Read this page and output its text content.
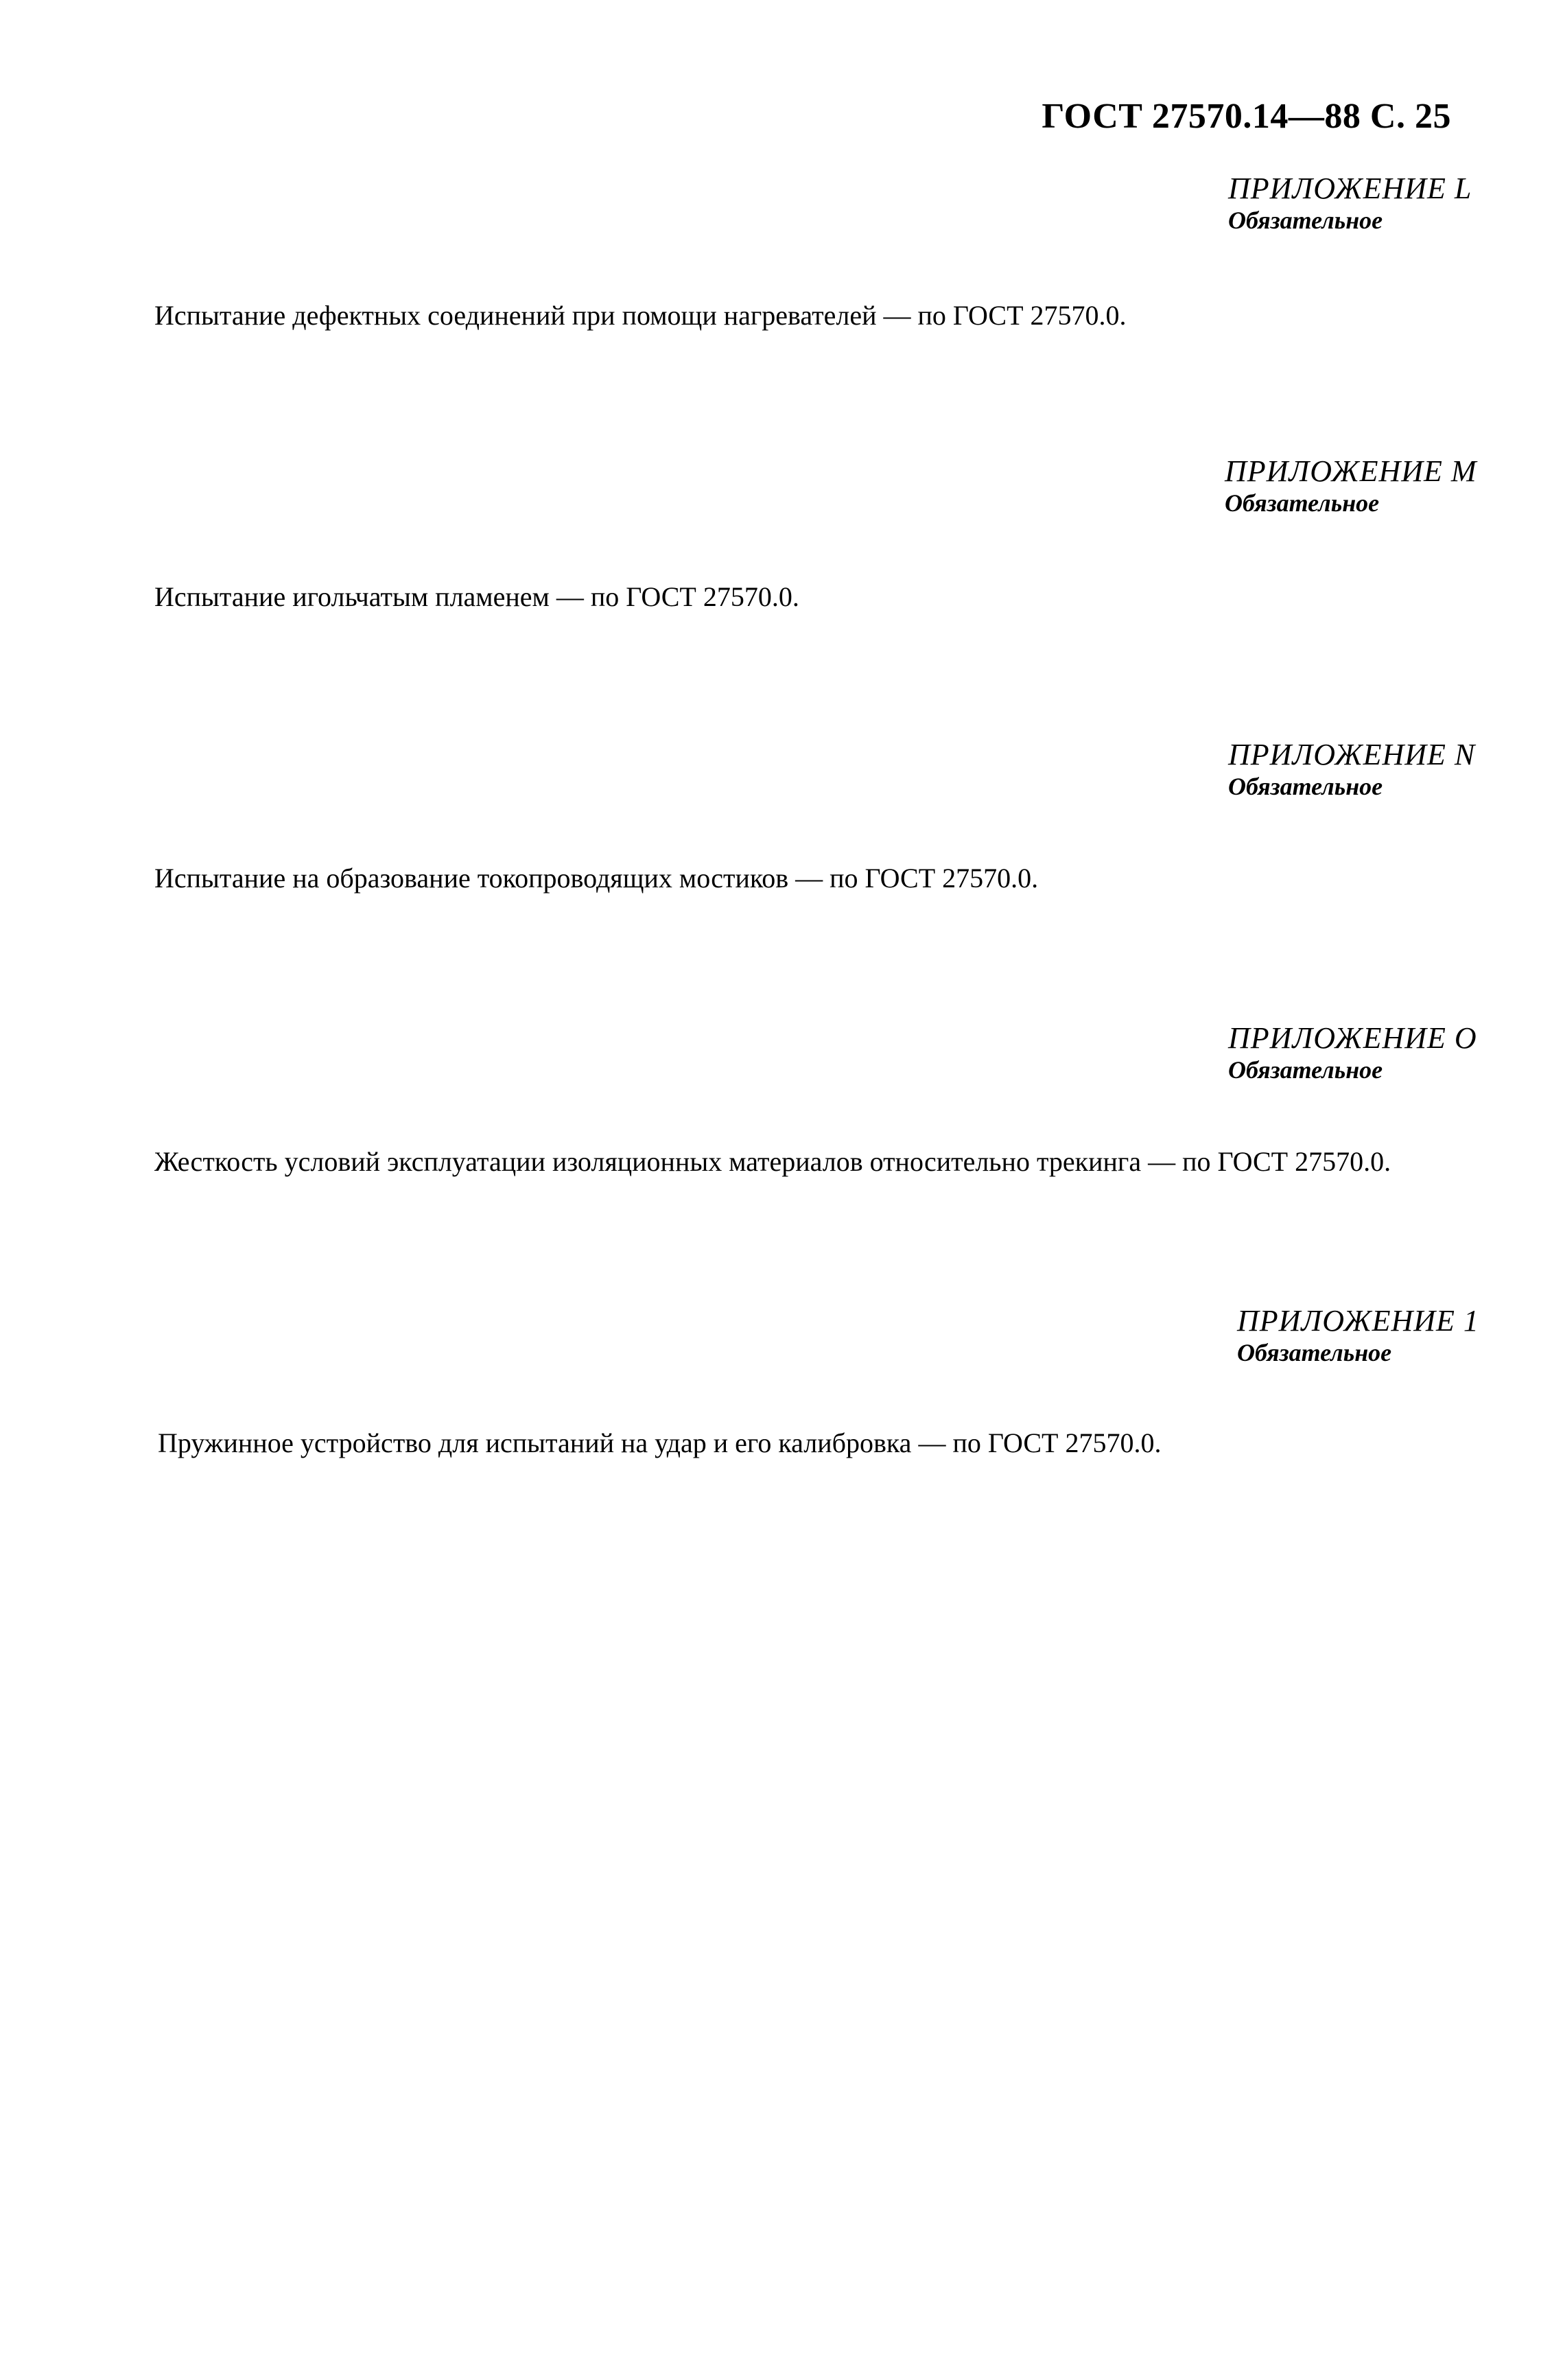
ГОСТ 27570.14—88 С. 25
ПРИЛОЖЕНИЕ L
Обязательное
Испытание дефектных соединений при помощи нагревателей — по ГОСТ 27570.0.
ПРИЛОЖЕНИЕ М
Обязательное
Испытание игольчатым пламенем — по ГОСТ 27570.0.
ПРИЛОЖЕНИЕ N
Обязательное
Испытание на образование токопроводящих мостиков — по ГОСТ 27570.0.
ПРИЛОЖЕНИЕ О
Обязательное
Жесткость условий эксплуатации изоляционных материалов относительно трекинга — по ГОСТ 27570.0.
ПРИЛОЖЕНИЕ 1
Обязательное
Пружинное устройство для испытаний на удар и его калибровка — по ГОСТ 27570.0.
